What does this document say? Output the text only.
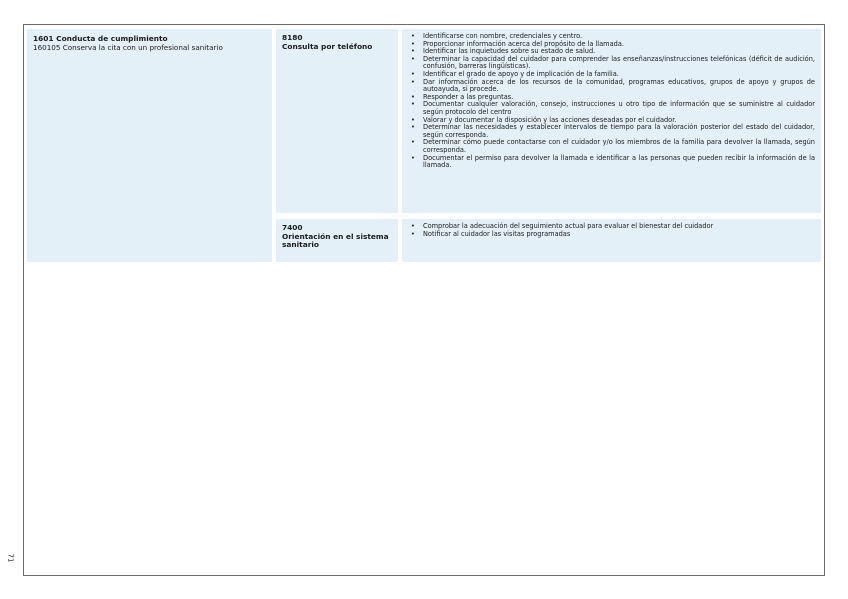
1601 Conducta de cumplimiento
160105 Conserva la cita con un profesional sanitario
8180
Consulta por teléfono
• Identificarse con nombre, credenciales y centro.
• Proporcionar información acerca del propósito de la llamada.
• Identificar las inquietudes sobre su estado de salud.
• Determinar la capacidad del cuidador para comprender las enseñanzas/instrucciones telefónicas (déficit de audición, confusión, barreras lingüísticas).
• Identificar el grado de apoyo y de implicación de la familia.
• Dar información acerca de los recursos de la comunidad, programas educativos, grupos de apoyo y grupos de autoayuda, si procede.
• Responder a las preguntas.
• Documentar cualquier valoración, consejo, instrucciones u otro tipo de información que se suministre al cuidador según protocolo del centro
• Valorar y documentar la disposición y las acciones deseadas por el cuidador.
• Determinar las necesidades y establecer intervalos de tiempo para la valoración posterior del estado del cuidador, según corresponda.
• Determinar cómo puede contactarse con el cuidador y/o los miembros de la familia para devolver la llamada, según corresponda.
• Documentar el permiso para devolver la llamada e identificar a las personas que pueden recibir la información de la llamada.
7400
Orientación en el sistema sanitario
• Comprobar la adecuación del seguimiento actual para evaluar el bienestar del cuidador
• Notificar al cuidador las visitas programadas
71
